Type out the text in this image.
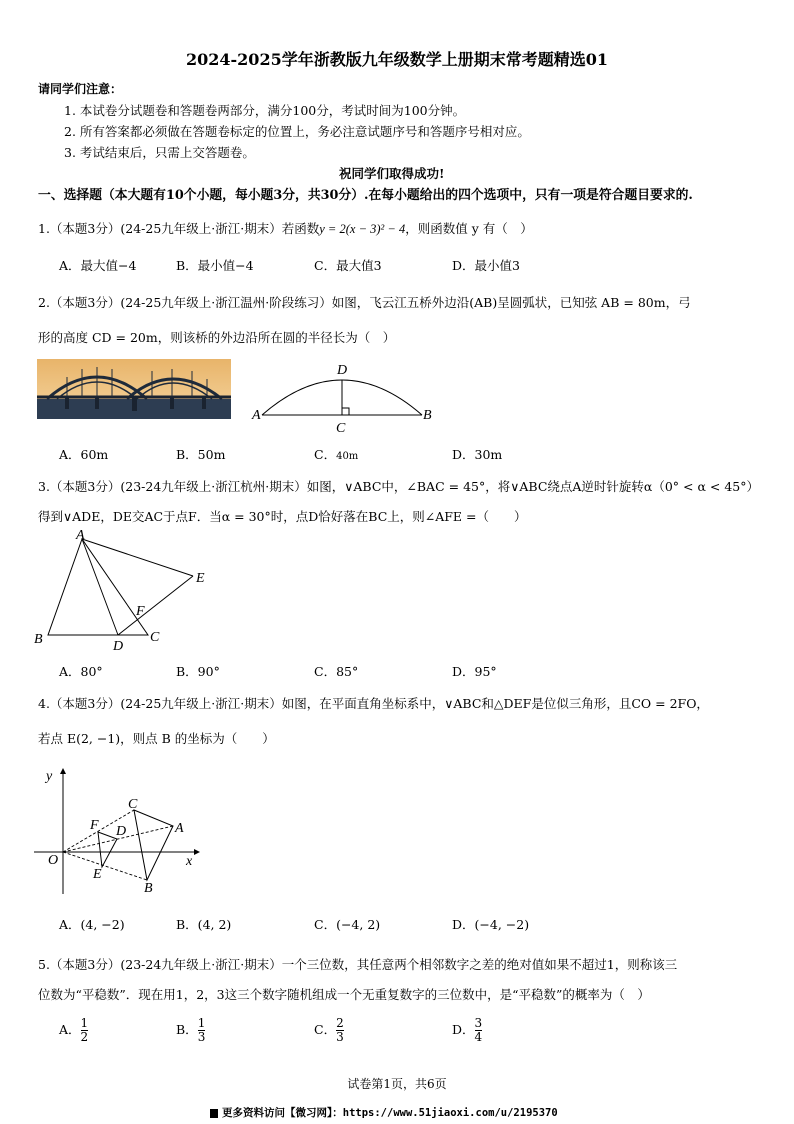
2024-2025学年浙教版九年级数学上册期末常考题精选01
请同学们注意：
1. 本试卷分试题卷和答题卷两部分，满分100分，考试时间为100分钟。
2. 所有答案都必须做在答题卷标定的位置上，务必注意试题序号和答题序号相对应。
3. 考试结束后，只需上交答题卷。
祝同学们取得成功!
一、选择题（本大题有10个小题，每小题3分，共30分）.在每小题给出的四个选项中，只有一项是符合题目要求的.
1.（本题3分）(24-25九年级上·浙江·期末）若函数y = 2(x − 3)² − 4，则函数值 y 有（　）
A．最大值−4	B．最小值−4	C．最大值3	D．最小值3
2.（本题3分）(24-25九年级上·浙江温州·阶段练习）如图，飞云江五桥外边沿(AB)呈圆弧状，已知弦 AB = 80m，弓
形的高度 CD = 20m，则该桥的外边沿所在圆的半径长为（　）
A	B
D
C
A．60m	B．50m	C．40m	D．30m
3.（本题3分）(23-24九年级上·浙江杭州·期末）如图，∨ABC中，∠BAC = 45°，将∨ABC绕点A逆时针旋转α（0° < α < 45°）
得到∨ADE，DE交AC于点F．当α = 30°时，点D恰好落在BC上，则∠AFE =（　　）
A
B	C
D
E
F
A．80°	B．90°	C．85°	D．95°
4.（本题3分）(24-25九年级上·浙江·期末）如图，在平面直角坐标系中，∨ABC和△DEF是位似三角形，且CO = 2FO，
若点 E(2, −1)，则点 B 的坐标为（　　）
y
x
O
A
B
C
D
E
F
A．(4, −2)	B．(4, 2)	C．(−4, 2)	D．(−4, −2)
5.（本题3分）(23-24九年级上·浙江·期末）一个三位数，其任意两个相邻数字之差的绝对值如果不超过1，则称该三
位数为“平稳数”．现在用1，2，3这三个数字随机组成一个无重复数字的三位数中，是“平稳数”的概率为（　）
A． $\frac{1}{2}$	B． $\frac{1}{3}$	C． $\frac{2}{3}$	D． $\frac{3}{4}$
试卷第1页，共6页
更多资料访问【微习网】：https://www.51jiaoxi.com/u/2195370
